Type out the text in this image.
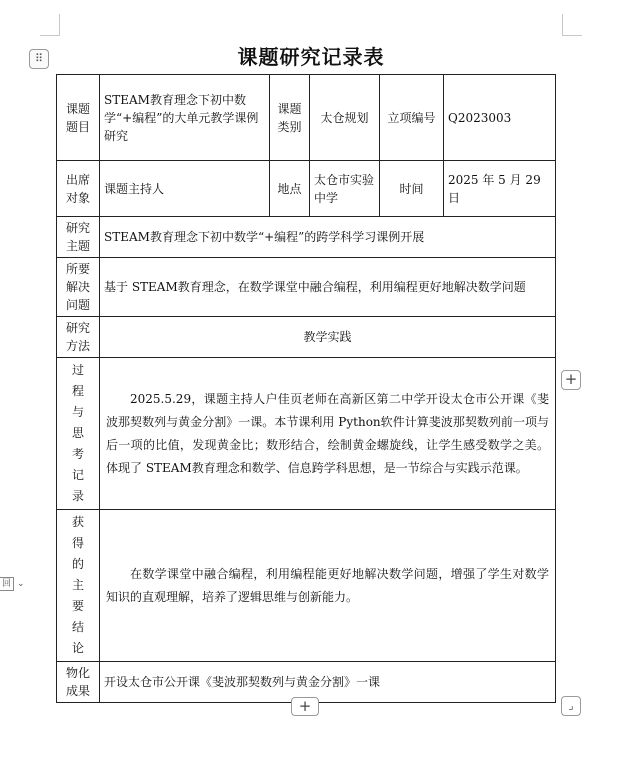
⠿	课题研究记录表
课题题目	STEAM教育理念下初中数学“+编程”的大单元教学课例研究	课题类别	太仓规划	立项编号	Q2023003
出席对象	课题主持人	地点	太仓市实验中学	时间	2025 年 5 月 29 日
研究主题	STEAM教育理念下初中数学“+编程”的跨学科学习课例开展				
所要解决问题	基于 STEAM教育理念，在数学课堂中融合编程，利用编程更好地解决数学问题				
研究方法	教学实践				

过程与思考记录	2025.5.29，课题主持人户佳页老师在高新区第二中学开设太仓市公开课《斐波那契数列与黄金分割》一课。本节课利用 Python软件计算斐波那契数列前一项与后一项的比值，发现黄金比；数形结合，绘制黄金螺旋线，让学生感受数学之美。体现了 STEAM教育理念和数学、信息跨学科思想，是一节综合与实践示范课。				

获得的主要结论	在数学课堂中融合编程，利用编程能更好地解决数学问题，增强了学生对数学知识的直观理解，培养了逻辑思维与创新能力。				

物化成果	开设太仓市公开课《斐波那契数列与黄金分割》一课				
+
+	⌟
回 ⌄
